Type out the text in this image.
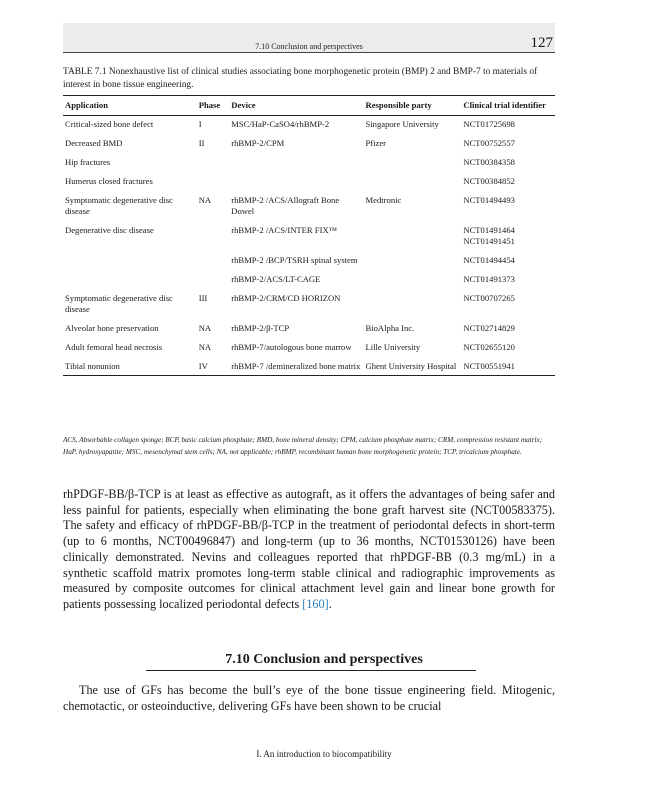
7.10 Conclusion and perspectives	127
TABLE 7.1 Nonexhaustive list of clinical studies associating bone morphogenetic protein (BMP) 2 and BMP-7 to materials of interest in bone tissue engineering.
Application	Phase	Device	Responsible party	Clinical trial identifier
Critical-sized bone defect	I	MSC/HaP-CaSO4/rhBMP-2	Singapore University	NCT01725698
Decreased BMD	II	rhBMP-2/CPM	Pfizer	NCT00752557
Hip fractures				NCT00384358
Humerus closed fractures				NCT00384852
Symptomatic degenerative disc disease	NA	rhBMP-2 /ACS/Allograft Bone Dowel	Medtronic	NCT01494493
Degenerative disc disease		rhBMP-2 /ACS/INTER FIX™		NCT01491464
NCT01491451
		rhBMP-2 /BCP/TSRH spinal system		NCT01494454
		rhBMP-2/ACS/LT-CAGE		NCT01491373
Symptomatic degenerative disc disease	III	rhBMP-2/CRM/CD HORIZON		NCT00707265
Alveolar bone preservation	NA	rhBMP-2/β-TCP	BioAlpha Inc.	NCT02714829
Adult femoral head necrosis	NA	rhBMP-7/autologous bone marrow	Lille University	NCT02655120
Tibial nonunion	IV	rhBMP-7 /demineralized bone matrix	Ghent University Hospital	NCT00551941
ACS, Absorbable collagen sponge; BCP, basic calcium phosphate; BMD, bone mineral density; CPM, calcium phosphate matrix; CRM, compression resistant matrix; HaP, hydroxyapatite; MSC, mesenchymal stem cells; NA, not applicable; rhBMP, recombinant human bone morphogenetic protein; TCP, tricalcium phosphate.
rhPDGF-BB/β-TCP is at least as effective as autograft, as it offers the advantages of being safer and less painful for patients, especially when eliminating the bone graft harvest site (NCT00583375). The safety and efficacy of rhPDGF-BB/β-TCP in the treatment of periodontal defects in short-term (up to 6 months, NCT00496847) and long-term (up to 36 months, NCT01530126) have been clinically demonstrated. Nevins and colleagues reported that rhPDGF-BB (0.3 mg/mL) in a synthetic scaffold matrix promotes long-term stable clinical and radiographic improvements as measured by composite outcomes for clinical attachment level gain and linear bone growth for patients possessing localized periodontal defects [160].
7.10 Conclusion and perspectives
The use of GFs has become the bull’s eye of the bone tissue engineering field. Mitogenic, chemotactic, or osteoinductive, delivering GFs have been shown to be crucial
I. An introduction to biocompatibility
